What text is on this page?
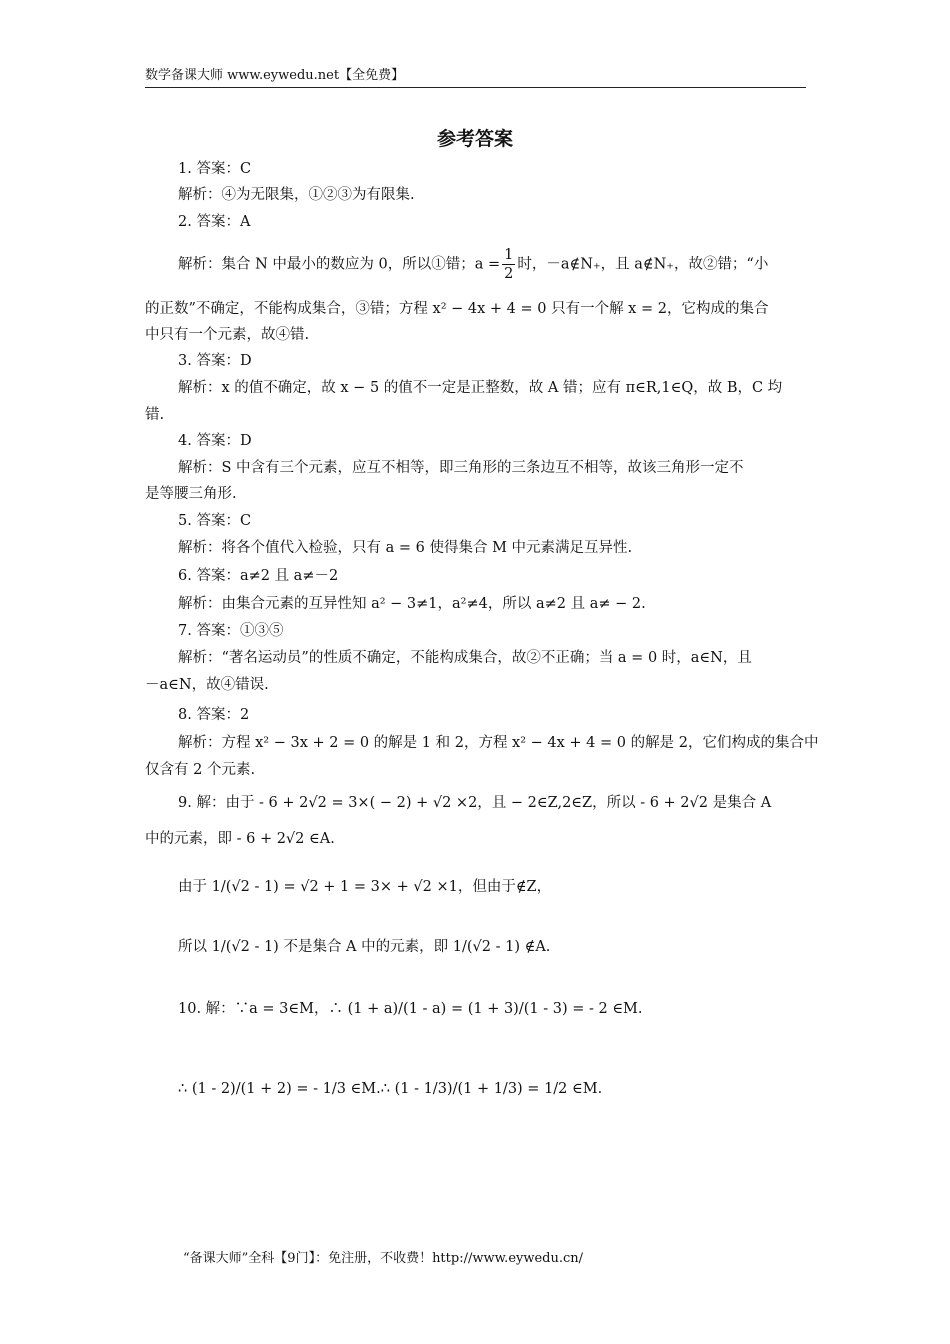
数学备课大师 www.eywedu.net【全免费】
参考答案
1. 答案：C
解析：④为无限集，①②③为有限集.
2. 答案：A
解析：集合 N 中最小的数应为 0，所以①错；$a = \frac{1}{2}$ 时，－a∉N₊，且 a∉N₊，故②错；“小
的正数”不确定，不能构成集合，③错；方程 x² − 4x + 4 = 0 只有一个解 x = 2，它构成的集合
中只有一个元素，故④错.
3. 答案：D
解析：x 的值不确定，故 x − 5 的值不一定是正整数，故 A 错；应有 π∈R,1∈Q，故 B，C 均
错.
4. 答案：D
解析：S 中含有三个元素，应互不相等，即三角形的三条边互不相等，故该三角形一定不
是等腰三角形.
5. 答案：C
解析：将各个值代入检验，只有 a = 6 使得集合 M 中元素满足互异性.
6. 答案：a≠2 且 a≠－2
解析：由集合元素的互异性知 a² − 3≠1，a²≠4，所以 a≠2 且 a≠ − 2.
7. 答案：①③⑤
解析：“著名运动员”的性质不确定，不能构成集合，故②不正确；当 a = 0 时，a∈N，且
－a∈N，故④错误.
8. 答案：2
解析：方程 x² − 3x + 2 = 0 的解是 1 和 2，方程 x² − 4x + 4 = 0 的解是 2，它们构成的集合中
仅含有 2 个元素.
9. 解：由于 - 6 + 2√2 = 3×( − 2) + √2 ×2，且 − 2∈Z,2∈Z，所以 - 6 + 2√2 是集合 A
中的元素，即 - 6 + 2√2 ∈A.
由于 1/(√2 - 1) = √2 + 1 = 3× + √2 ×1，但由于∉Z，
所以 1/(√2 - 1) 不是集合 A 中的元素，即 1/(√2 - 1) ∉A.
10. 解：∵a = 3∈M，∴ (1 + a)/(1 - a) = (1 + 3)/(1 - 3) = - 2 ∈M.
∴ (1 - 2)/(1 + 2) = - 1/3 ∈M.∴ (1 - 1/3)/(1 + 1/3) = 1/2 ∈M.
“备课大师”全科【9门】：免注册，不收费！http://www.eywedu.cn/
